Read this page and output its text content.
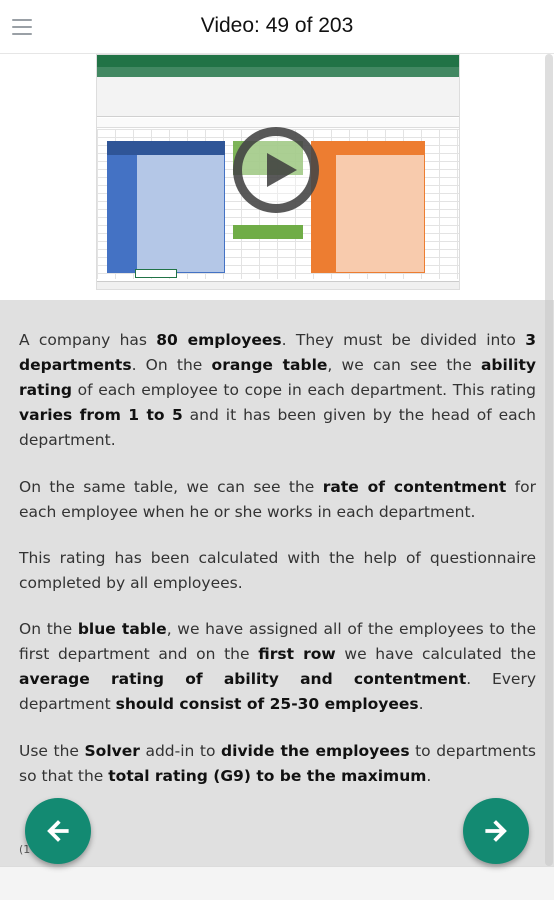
Video: 49 of 203

A company has 80 employees. They must be divided into 3 departments. On the orange table, we can see the ability rating of each employee to cope in each department. This rating varies from 1 to 5 and it has been given by the head of each department.

On the same table, we can see the rate of contentment for each employee when he or she works in each department.

This rating has been calculated with the help of questionnaire completed by all employees.

On the blue table, we have assigned all of the employees to the first department and on the first row we have calculated the average rating of ability and contentment. Every department should consist of 25-30 employees.

Use the Solver add-in to divide the employees to departments so that the total rating (G9) to be the maximum.

(1
